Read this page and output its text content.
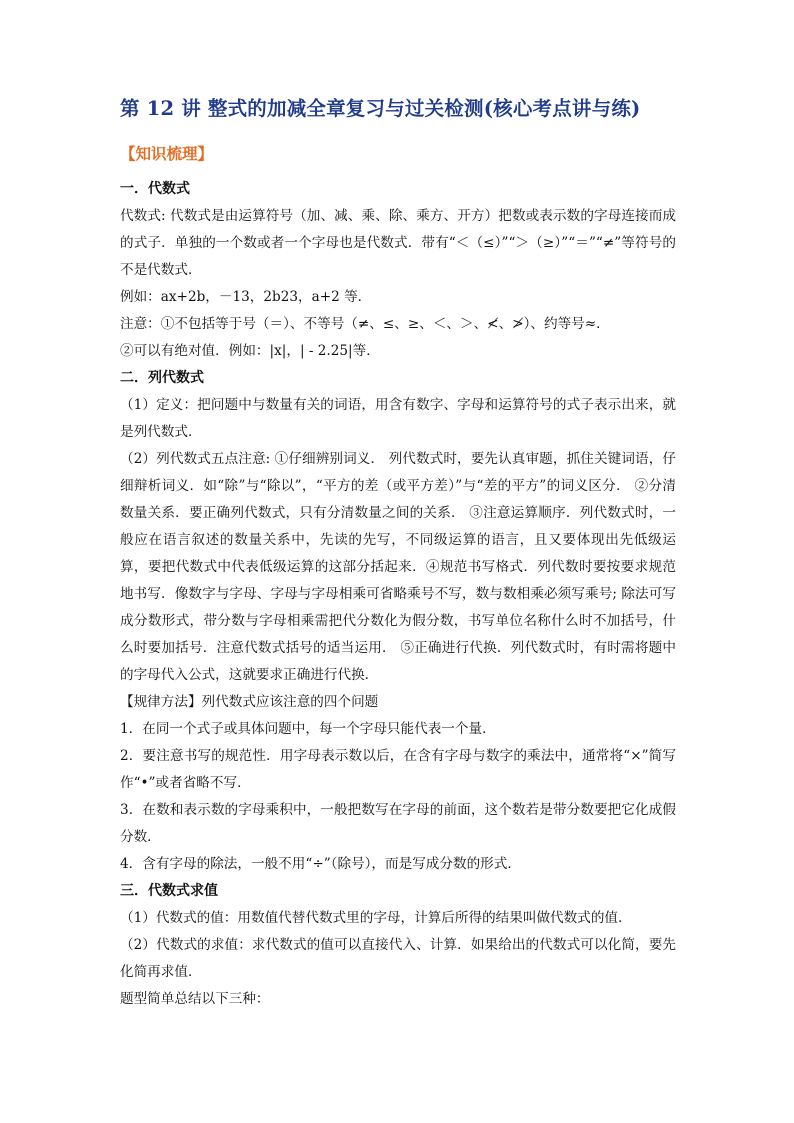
第 12 讲 整式的加减全章复习与过关检测(核心考点讲与练)
【知识梳理】

一．代数式

代数式: 代数式是由运算符号（加、减、乘、除、乘方、开方）把数或表示数的字母连接而成的式子．单独的一个数或者一个字母也是代数式．带有“＜（≤）”“＞（≥）”“＝”“≠”等符号的不是代数式．

例如：ax+2b，－13，2b23，a+2 等．

注意：①不包括等于号（＝）、不等号（≠、≤、≥、＜、＞、≮、≯）、约等号≈．

②可以有绝对值．例如：|x|，| - 2.25|等．

二．列代数式

（1）定义：把问题中与数量有关的词语，用含有数字、字母和运算符号的式子表示出来，就是列代数式．

（2）列代数式五点注意: ①仔细辨别词义． 列代数式时，要先认真审题，抓住关键词语，仔细辩析词义．如“除”与“除以”，“平方的差（或平方差）”与“差的平方”的词义区分． ②分清数量关系．要正确列代数式，只有分清数量之间的关系． ③注意运算顺序．列代数式时，一般应在语言叙述的数量关系中，先读的先写，不同级运算的语言，且又要体现出先低级运算，要把代数式中代表低级运算的这部分括起来．④规范书写格式．列代数时要按要求规范地书写．像数字与字母、字母与字母相乘可省略乘号不写，数与数相乘必须写乘号; 除法可写成分数形式，带分数与字母相乘需把代分数化为假分数，书写单位名称什么时不加括号，什么时要加括号．注意代数式括号的适当运用． ⑤正确进行代换．列代数式时，有时需将题中的字母代入公式，这就要求正确进行代换．

【规律方法】列代数式应该注意的四个问题

1．在同一个式子或具体问题中，每一个字母只能代表一个量．

2．要注意书写的规范性．用字母表示数以后，在含有字母与数字的乘法中，通常将“×”简写作“•”或者省略不写．

3．在数和表示数的字母乘积中，一般把数写在字母的前面，这个数若是带分数要把它化成假分数．

4．含有字母的除法，一般不用“÷”（除号），而是写成分数的形式．

三．代数式求值

（1）代数式的值：用数值代替代数式里的字母，计算后所得的结果叫做代数式的值．

（2）代数式的求值：求代数式的值可以直接代入、计算．如果给出的代数式可以化简，要先化简再求值．

题型简单总结以下三种：
